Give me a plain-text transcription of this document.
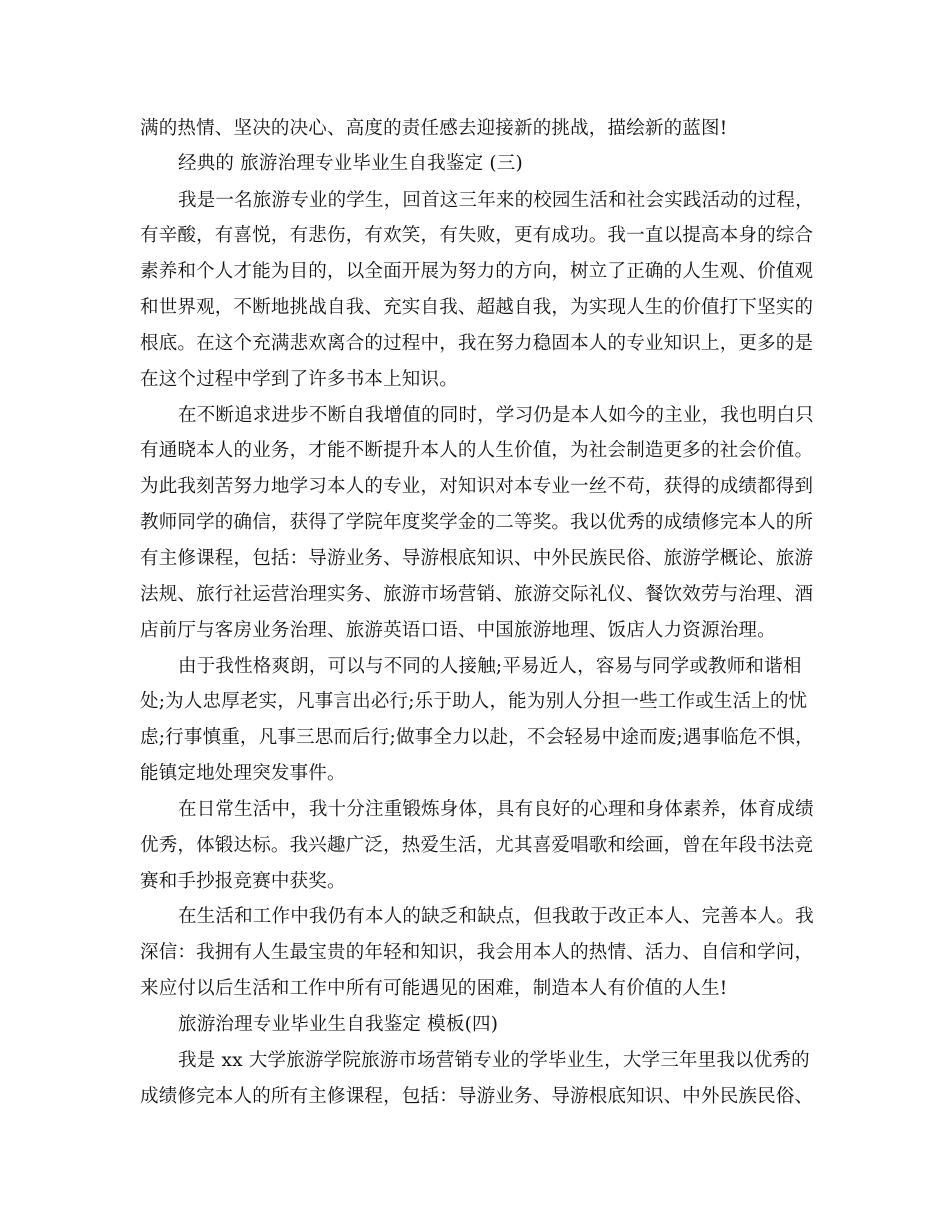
满的热情、坚决的决心、高度的责任感去迎接新的挑战，描绘新的蓝图!
经典的 旅游治理专业毕业生自我鉴定 (三)
我是一名旅游专业的学生，回首这三年来的校园生活和社会实践活动的过程，
有辛酸，有喜悦，有悲伤，有欢笑，有失败，更有成功。我一直以提高本身的综合
素养和个人才能为目的，以全面开展为努力的方向，树立了正确的人生观、价值观
和世界观，不断地挑战自我、充实自我、超越自我，为实现人生的价值打下坚实的
根底。在这个充满悲欢离合的过程中，我在努力稳固本人的专业知识上，更多的是
在这个过程中学到了许多书本上知识。
在不断追求进步不断自我增值的同时，学习仍是本人如今的主业，我也明白只
有通晓本人的业务，才能不断提升本人的人生价值，为社会制造更多的社会价值。
为此我刻苦努力地学习本人的专业，对知识对本专业一丝不苟，获得的成绩都得到
教师同学的确信，获得了学院年度奖学金的二等奖。我以优秀的成绩修完本人的所
有主修课程，包括：导游业务、导游根底知识、中外民族民俗、旅游学概论、旅游
法规、旅行社运营治理实务、旅游市场营销、旅游交际礼仪、餐饮效劳与治理、酒
店前厅与客房业务治理、旅游英语口语、中国旅游地理、饭店人力资源治理。
由于我性格爽朗，可以与不同的人接触;平易近人，容易与同学或教师和谐相
处;为人忠厚老实，凡事言出必行;乐于助人，能为别人分担一些工作或生活上的忧
虑;行事慎重，凡事三思而后行;做事全力以赴，不会轻易中途而废;遇事临危不惧，
能镇定地处理突发事件。
在日常生活中，我十分注重锻炼身体，具有良好的心理和身体素养，体育成绩
优秀，体锻达标。我兴趣广泛，热爱生活，尤其喜爱唱歌和绘画，曾在年段书法竞
赛和手抄报竞赛中获奖。
在生活和工作中我仍有本人的缺乏和缺点，但我敢于改正本人、完善本人。我
深信：我拥有人生最宝贵的年轻和知识，我会用本人的热情、活力、自信和学问，
来应付以后生活和工作中所有可能遇见的困难，制造本人有价值的人生!
旅游治理专业毕业生自我鉴定 模板(四)
我是 xx 大学旅游学院旅游市场营销专业的学毕业生，大学三年里我以优秀的
成绩修完本人的所有主修课程，包括：导游业务、导游根底知识、中外民族民俗、
